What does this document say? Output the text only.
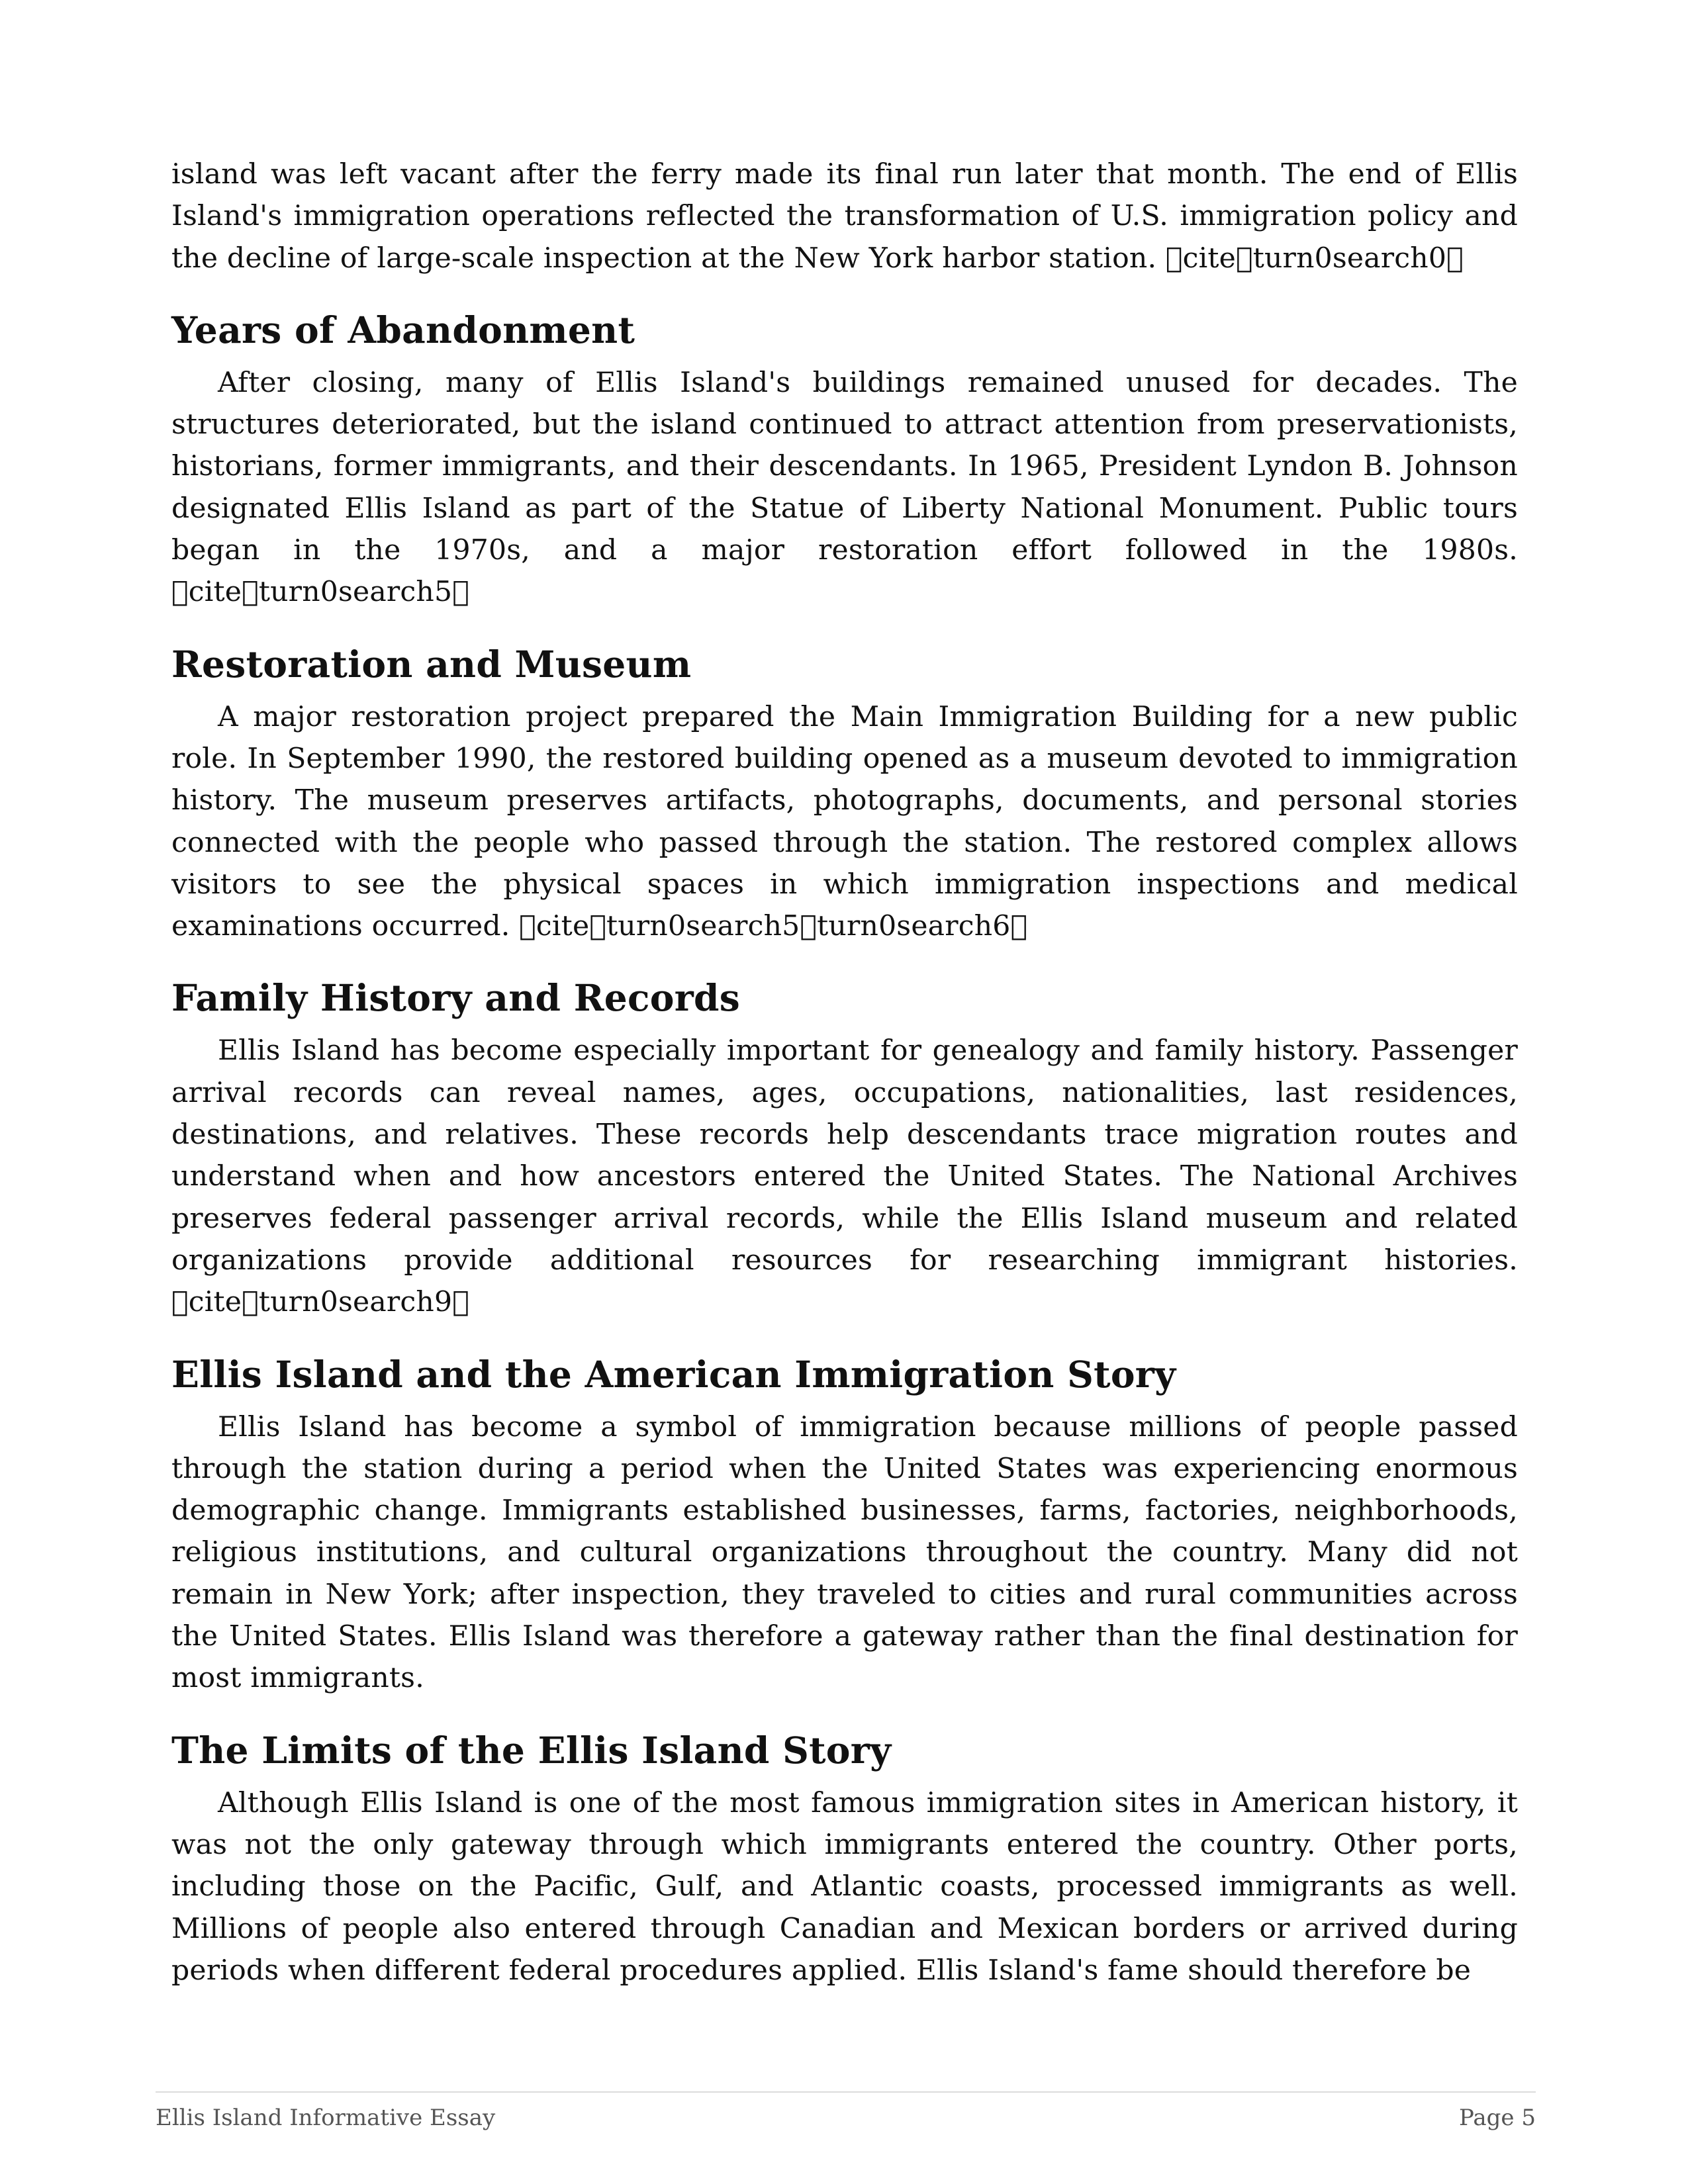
island was left vacant after the ferry made its final run later that month. The end of Ellis Island's immigration operations reflected the transformation of U.S. immigration policy and the decline of large-scale inspection at the New York harbor station. cite turn0search0

Years of Abandonment

After closing, many of Ellis Island's buildings remained unused for decades. The structures deteriorated, but the island continued to attract attention from preservationists, historians, former immigrants, and their descendants. In 1965, President Lyndon B. Johnson designated Ellis Island as part of the Statue of Liberty National Monument. Public tours began in the 1970s, and a major restoration effort followed in the 1980s. cite turn0search5

Restoration and Museum

A major restoration project prepared the Main Immigration Building for a new public role. In September 1990, the restored building opened as a museum devoted to immigration history. The museum preserves artifacts, photographs, documents, and personal stories connected with the people who passed through the station. The restored complex allows visitors to see the physical spaces in which immigration inspections and medical examinations occurred. cite turn0search5 turn0search6

Family History and Records

Ellis Island has become especially important for genealogy and family history. Passenger arrival records can reveal names, ages, occupations, nationalities, last residences, destinations, and relatives. These records help descendants trace migration routes and understand when and how ancestors entered the United States. The National Archives preserves federal passenger arrival records, while the Ellis Island museum and related organizations provide additional resources for researching immigrant histories. cite turn0search9

Ellis Island and the American Immigration Story

Ellis Island has become a symbol of immigration because millions of people passed through the station during a period when the United States was experiencing enormous demographic change. Immigrants established businesses, farms, factories, neighborhoods, religious institutions, and cultural organizations throughout the country. Many did not remain in New York; after inspection, they traveled to cities and rural communities across the United States. Ellis Island was therefore a gateway rather than the final destination for most immigrants.

The Limits of the Ellis Island Story

Although Ellis Island is one of the most famous immigration sites in American history, it was not the only gateway through which immigrants entered the country. Other ports, including those on the Pacific, Gulf, and Atlantic coasts, processed immigrants as well. Millions of people also entered through Canadian and Mexican borders or arrived during periods when different federal procedures applied. Ellis Island's fame should therefore be

Ellis Island Informative Essay	Page 5
